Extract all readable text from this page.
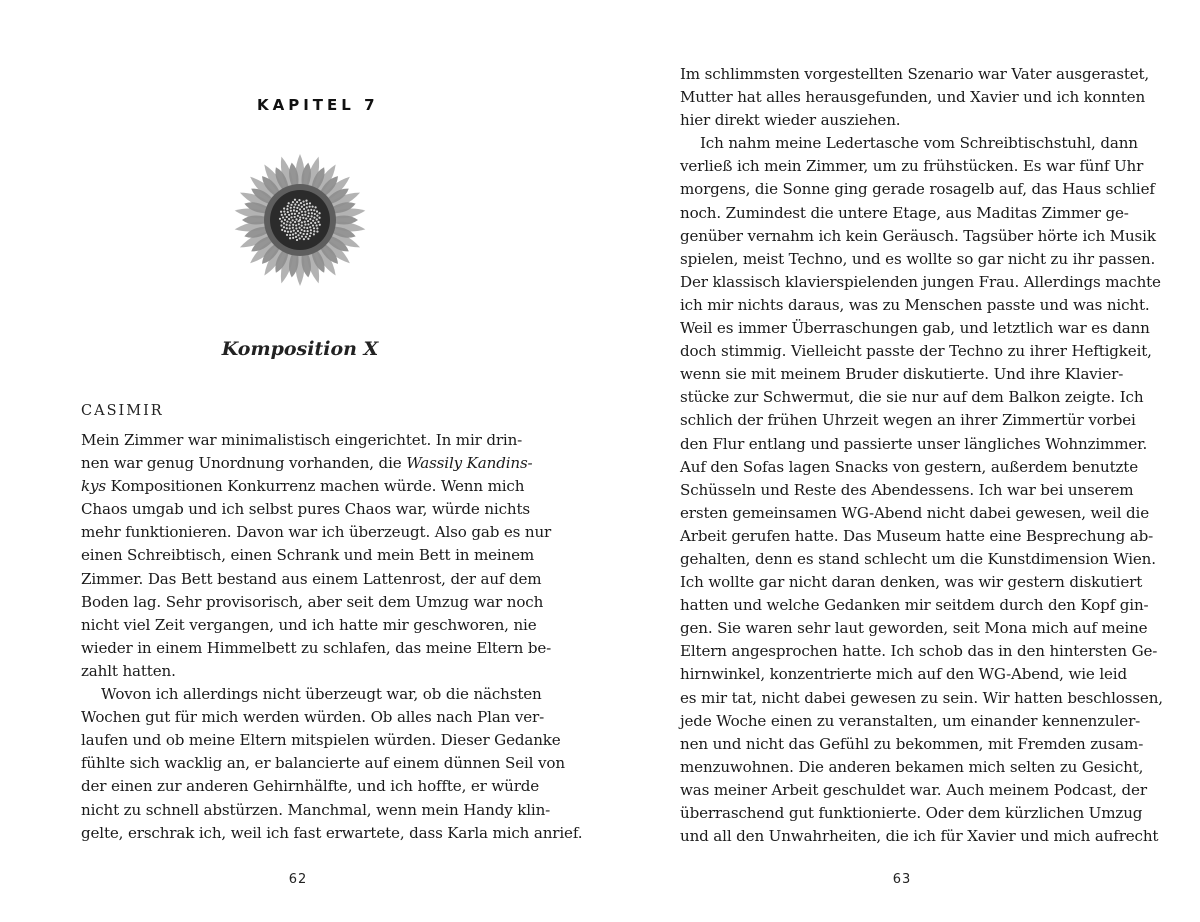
KAPITEL 7
Komposition X

CASIMIR

Mein Zimmer war minimalistisch eingerichtet. In mir drin-
nen war genug Unordnung vorhanden, die Wassily Kandins-
kys Kompositionen Konkurrenz machen würde. Wenn mich
Chaos umgab und ich selbst pures Chaos war, würde nichts
mehr funktionieren. Davon war ich überzeugt. Also gab es nur
einen Schreibtisch, einen Schrank und mein Bett in meinem
Zimmer. Das Bett bestand aus einem Lattenrost, der auf dem
Boden lag. Sehr provisorisch, aber seit dem Umzug war noch
nicht viel Zeit vergangen, und ich hatte mir geschworen, nie
wieder in einem Himmelbett zu schlafen, das meine Eltern be-
zahlt hatten.
Wovon ich allerdings nicht überzeugt war, ob die nächsten
Wochen gut für mich werden würden. Ob alles nach Plan ver-
laufen und ob meine Eltern mitspielen würden. Dieser Gedanke
fühlte sich wacklig an, er balancierte auf einem dünnen Seil von
der einen zur anderen Gehirnhälfte, und ich hoffte, er würde
nicht zu schnell abstürzen. Manchmal, wenn mein Handy klin-
gelte, erschrak ich, weil ich fast erwartete, dass Karla mich anrief.

62

Im schlimmsten vorgestellten Szenario war Vater ausgerastet,
Mutter hat alles herausgefunden, und Xavier und ich konnten
hier direkt wieder ausziehen.
Ich nahm meine Ledertasche vom Schreibtischstuhl, dann
verließ ich mein Zimmer, um zu frühstücken. Es war fünf Uhr
morgens, die Sonne ging gerade rosagelb auf, das Haus schlief
noch. Zumindest die untere Etage, aus Maditas Zimmer ge-
genüber vernahm ich kein Geräusch. Tagsüber hörte ich Musik
spielen, meist Techno, und es wollte so gar nicht zu ihr passen.
Der klassisch klavierspielenden jungen Frau. Allerdings machte
ich mir nichts daraus, was zu Menschen passte und was nicht.
Weil es immer Überraschungen gab, und letztlich war es dann
doch stimmig. Vielleicht passte der Techno zu ihrer Heftigkeit,
wenn sie mit meinem Bruder diskutierte. Und ihre Klavier-
stücke zur Schwermut, die sie nur auf dem Balkon zeigte. Ich
schlich der frühen Uhrzeit wegen an ihrer Zimmertür vorbei
den Flur entlang und passierte unser längliches Wohnzimmer.
Auf den Sofas lagen Snacks von gestern, außerdem benutzte
Schüsseln und Reste des Abendessens. Ich war bei unserem
ersten gemeinsamen WG-Abend nicht dabei gewesen, weil die
Arbeit gerufen hatte. Das Museum hatte eine Besprechung ab-
gehalten, denn es stand schlecht um die Kunstdimension Wien.
Ich wollte gar nicht daran denken, was wir gestern diskutiert
hatten und welche Gedanken mir seitdem durch den Kopf gin-
gen. Sie waren sehr laut geworden, seit Mona mich auf meine
Eltern angesprochen hatte. Ich schob das in den hintersten Ge-
hirnwinkel, konzentrierte mich auf den WG-Abend, wie leid
es mir tat, nicht dabei gewesen zu sein. Wir hatten beschlossen,
jede Woche einen zu veranstalten, um einander kennenzuler-
nen und nicht das Gefühl zu bekommen, mit Fremden zusam-
menzuwohnen. Die anderen bekamen mich selten zu Gesicht,
was meiner Arbeit geschuldet war. Auch meinem Podcast, der
überraschend gut funktionierte. Oder dem kürzlichen Umzug
und all den Unwahrheiten, die ich für Xavier und mich aufrecht

63
